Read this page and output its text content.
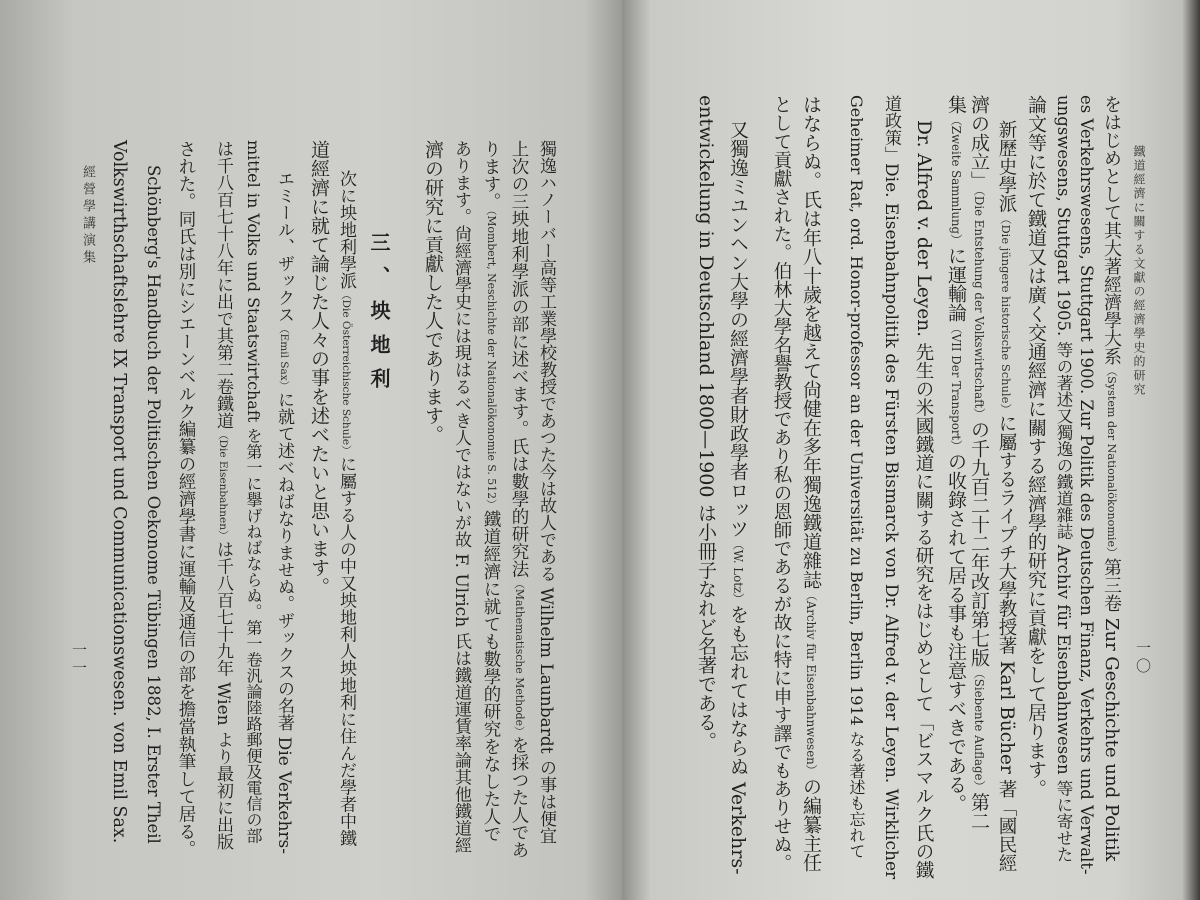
三、坱地利
經營學講演集
一一	獨逸ハノーバー高等工業學校教授であつた今は故人である Wilhelm Launbardt の事は便宜
上次の三坱地利學派の部に述べます。氏は數學的研究法（Mathematische Methode）を採つた人であ
ります。（Mombert, Neschichte der Nationalökonomie S. 512）鐵道經濟に就ても數學的研究をなした人で
あります。尙經濟學史には現はるべき人ではないが故 F. Ulrich 氏は鐵道運賃率論其他鐵道經
濟の研究に貢獻した人であります。
次に坱地利學派（Die Österreichische Schule）に屬する人の中又坱地利人坱地利に住んだ學者中鐵
道經濟に就て論じた人々の事を述べたいと思います。
エミール、ザックス（Emil Sax）に就て述べねばなりませぬ。ザックスの名著 Die Verkehrs-
mittel in Volks und Staatswirtchaft を第一に擧げねばならぬ。第一卷汎論陸路郵便及電信の部
は千八百七十八年に出で其第二卷鐵道（Die Eisenbahnen）は千八百七十九年 Wien より最初に出版
された。同氏は別にシエーンベルク編纂の經濟學書に運輸及通信の部を擔當執筆して居る。
Schönberg's Handbuch der Politischen Oekonome Tübingen 1882, I. Erster Theil
Volkswirthschaftslehre IX Transport und Communicationswesen. von Emil Sax.	鐵道經濟に關する文獻の經濟學史的研究
一〇
をはじめとして其大著經濟學大系（System der Nationalökonomie）第三卷 Zur Geschichte und Politik
es Verkehrswesens, Stuttgart 1900. Zur Politik des Deutschen Finanz, Verkehrs und Verwalt-
ungswesens, Stuttgart 1905. 等の著述又獨逸の鐵道雜誌 Archiv für Eisenbahnwesen 等に寄せた
論文等に於て鐵道又は廣く交通經濟に關する經濟學的研究に貢獻をして居ります。
新歷史學派（Die jüngere historische Schule）に屬するライプチ大學教授著 Karl Bücher 著「國民經
濟の成立」（Die Entstehung der Volkswirtschaft）の千九百二十二年改訂第七版（Siebente Auflage）第二
集（Zweite Sammlung）に運輸論（VII Der Transport）の收錄されて居る事も注意すべきである。
Dr. Alfred v. der Leyen. 先生の米國鐵道に關する研究をはじめとして「ビスマルク氏の鐵
道政策」Die. Eisenbahnpolitik des Fürsten Bismarck von Dr. Alfred v. der Leyen. Wirklicher
Geheimer Rat, ord. Honor-professor an der Universität zu Berlin, Berlin 1914 なる著述も忘れて
はならぬ。氏は年八十歲を越えて尙健在多年獨逸鐵道雜誌（Archiv für Eisenbahnwesen）の編纂主任
として貢獻された。伯林大學名譽教授であり私の恩師であるが故に特に申す譯でもありせぬ。
又獨逸ミユンヘン大學の經濟學者財政學者ロッツ（W. Lotz）をも忘れてはならぬ Verkehrs-
entwickelung in Deutschland 1800—1900 は小冊子なれど名著である。
